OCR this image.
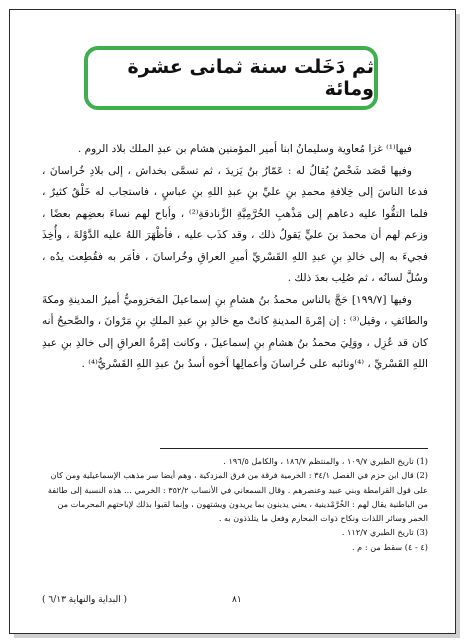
ثم دَخَلت سنة ثمانى عشرة ومائة

فيها⁽¹⁾ غزا مُعاوية وسليمانُ ابنا أمير المؤمنين هشام بن عبدِ الملك بلاد الروم .

وفيها قَصَد شَخْصٌ يُقالُ له : عَمّارُ بنُ يَزيدَ ، ثم تسمَّى بخداش ، إلى بلادِ خُراسانَ ، فدعا الناسَ إلى خِلافةِ محمدِ بنِ عليِّ بنِ عبدِ اللهِ بنِ عباسٍ ، فاستجاب له خَلْقٌ كثيرٌ ، فلما التفُّوا عليه دعاهم إلى مَذْهبِ الخُرَّمِيَّةِ الزَّنادقةِ⁽²⁾ ، وأباح لهم نساءَ بعضِهم بعضًا ، وزعم لهم أن محمدَ بنَ عليٍّ يَقولُ ذلك ، وقد كذَب عليه ، فأظْهَرَ اللهُ عليه الدَّوْلةَ ، وأُخِذَ فجيءَ به إلى خالدِ بنِ عبدِ اللهِ القَسْريِّ أميرِ العراقِ وخُراسانَ ، فأمَر به فقُطِعت يدُه ، وسُلَّ لسانُه ، ثم صُلِب بعدَ ذلك .

وفيها [١٩٩/٧] حَجَّ بالناس محمدُ بنُ هشامِ بنِ إسماعيلَ المَخزوميُّ أميرُ المدينةِ ومكةَ والطائفِ ، وقيل⁽³⁾ : إن إمْرةَ المدينةِ كانتْ مع خالدِ بنِ عبدِ الملكِ بنِ مَرْوانَ ، والصَّحيحُ أنه كان قد عُزِل ، ووَلِيَ محمدُ بنُ هشامِ بنِ إسماعيلَ ، وكانت إمْرةُ العراقِ إلى خالدِ بنِ عبدِ اللهِ القَسْريِّ ، ⁽⁴⁾ونائبه على خُراسانَ وأعمالِها أخوه أسدُ بنُ عبدِ اللهِ القَسْريُّ⁽⁴⁾ .

(1) تاريخ الطبري ١٠٩/٧ ، والمنتظم ١٨٦/٧ ، والكامل ١٩٦/٥ .

(2) قال ابن حزم في الفصل ٣٤/١ : الخرمية فرقة من فرق المزدكية ، وهم أيضا سر مذهب الإسماعيلية ومن كان على قول القرامطة وبني عبيد وعنصرهم . وقال السمعاني في الأنساب ٣٥٢/٢ : الخرمي ... هذه النسبة إلى طائفة من الباطنية يقال لهم : الخُرَّمْدينية ، يعني يدينون بما يريدون ويشتهون ، وإنما لقبوا بذلك لإباحتهم المحرمات من الخمر وسائر اللذات ونكاح ذوات المحارم وفعل ما يتلذذون به .

(3) تاريخ الطبري ١١٢/٧ .

(٤ - ٤) سقط من : م .

( البداية والنهاية ٦/١٣ )	٨١
